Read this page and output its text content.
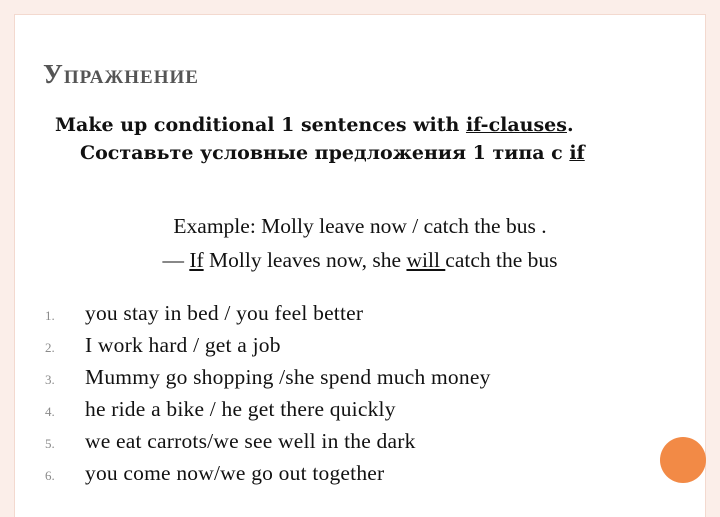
Упражнение
Make up conditional 1 sentences with if-clauses.
Составьте условные предложения 1 типа с if
Example: Molly leave now / catch the bus .
— If Molly leaves now, she will catch the bus
1.	you stay in bed / you feel better
2.	I work hard / get a job
3.	Mummy go shopping /she spend much money
4.	he ride a bike / he get there quickly
5.	we eat carrots/we see well in the dark
6.	you come now/we go out together
